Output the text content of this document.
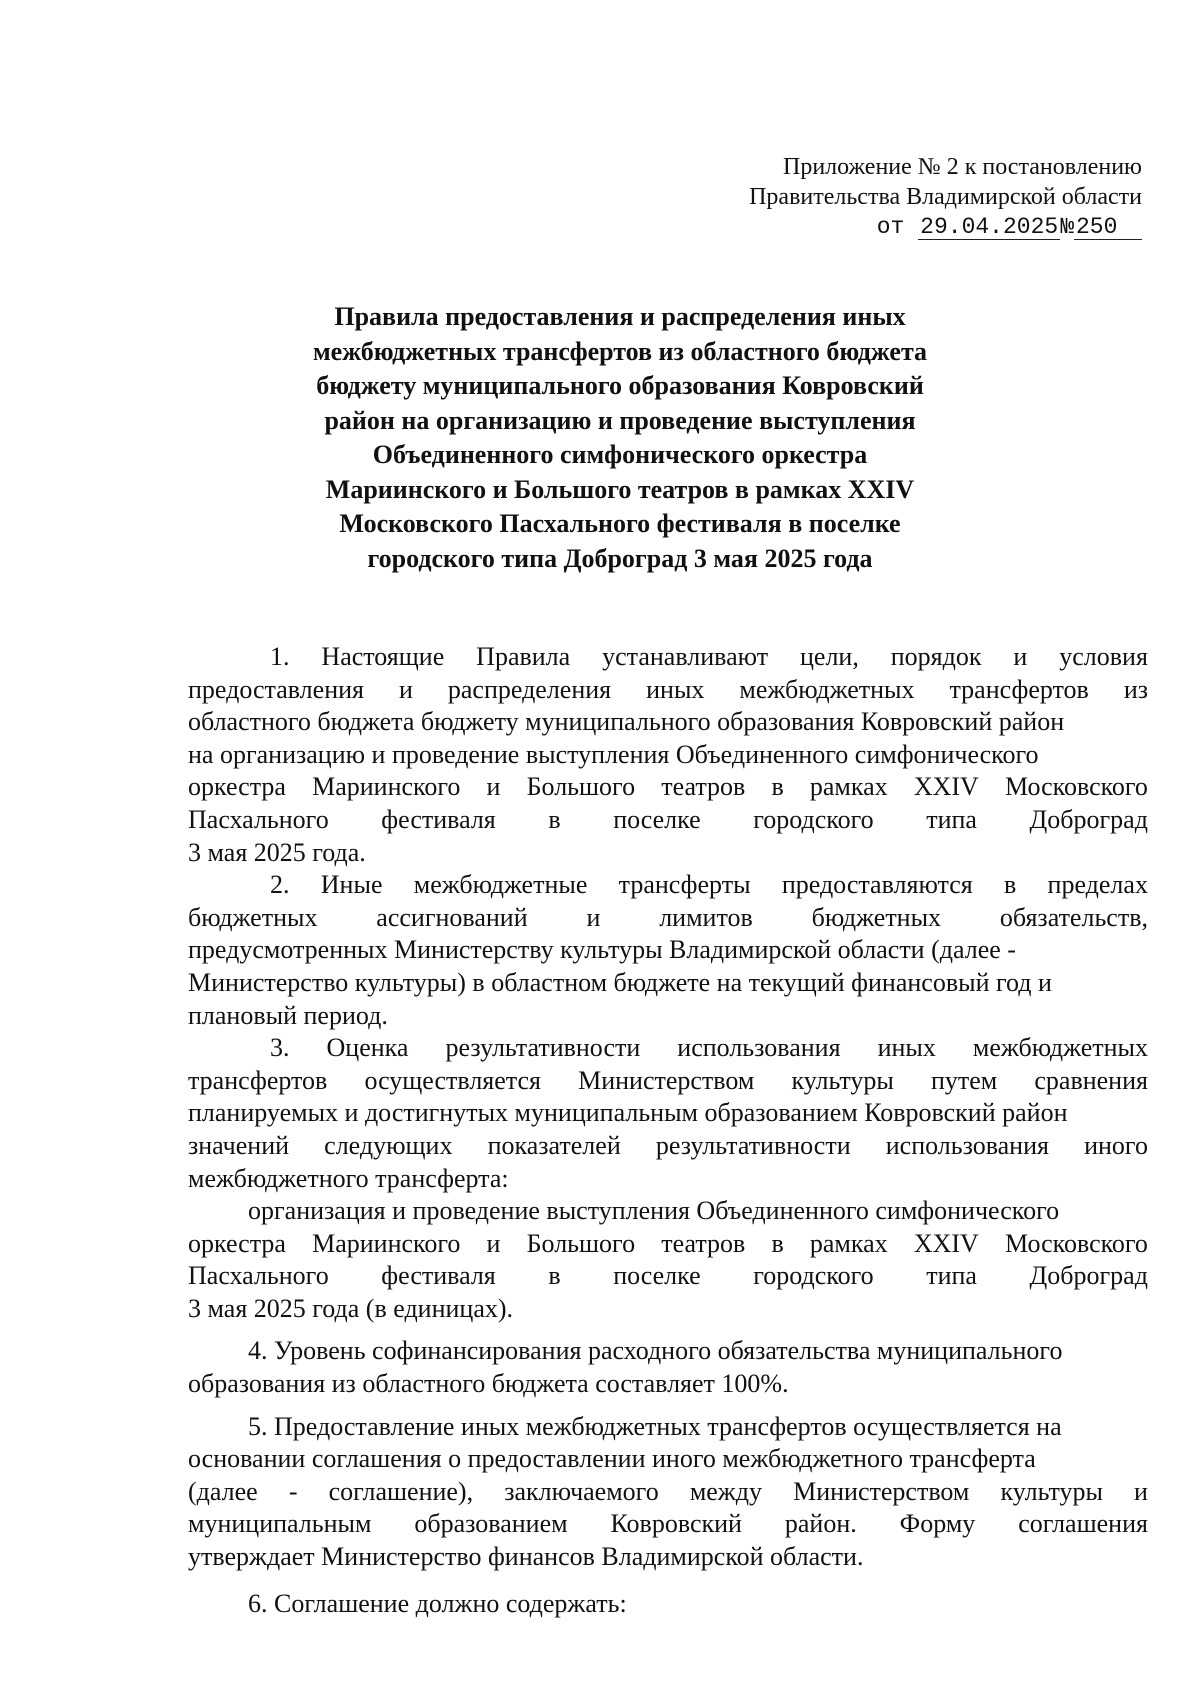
Приложение № 2 к постановлению
Правительства Владимирской области
от 29.04.2025№250
Правила предоставления и распределения иных
межбюджетных трансфертов из областного бюджета
бюджету муниципального образования Ковровский
район на организацию и проведение выступления
Объединенного симфонического оркестра
Мариинского и Большого театров в рамках XXIV
Московского Пасхального фестиваля в поселке
городского типа Доброград 3 мая 2025 года
1. Настоящие Правила устанавливают цели, порядок и условия
предоставления и распределения иных межбюджетных трансфертов из
областного бюджета бюджету муниципального образования Ковровский район
на организацию и проведение выступления Объединенного симфонического
оркестра Мариинского и Большого театров в рамках XXIV Московского
Пасхального фестиваля в поселке городского типа Доброград
3 мая 2025 года.
2. Иные межбюджетные трансферты предоставляются в пределах
бюджетных ассигнований и лимитов бюджетных обязательств,
предусмотренных Министерству культуры Владимирской области (далее -
Министерство культуры) в областном бюджете на текущий финансовый год и
плановый период.
3. Оценка результативности использования иных межбюджетных
трансфертов осуществляется Министерством культуры путем сравнения
планируемых и достигнутых муниципальным образованием Ковровский район
значений следующих показателей результативности использования иного
межбюджетного трансферта:
организация и проведение выступления Объединенного симфонического
оркестра Мариинского и Большого театров в рамках XXIV Московского
Пасхального фестиваля в поселке городского типа Доброград
3 мая 2025 года (в единицах).
4. Уровень софинансирования расходного обязательства муниципального
образования из областного бюджета составляет 100%.
5. Предоставление иных межбюджетных трансфертов осуществляется на
основании соглашения о предоставлении иного межбюджетного трансферта
(далее - соглашение), заключаемого между Министерством культуры и
муниципальным образованием Ковровский район. Форму соглашения
утверждает Министерство финансов Владимирской области.
6. Соглашение должно содержать:
